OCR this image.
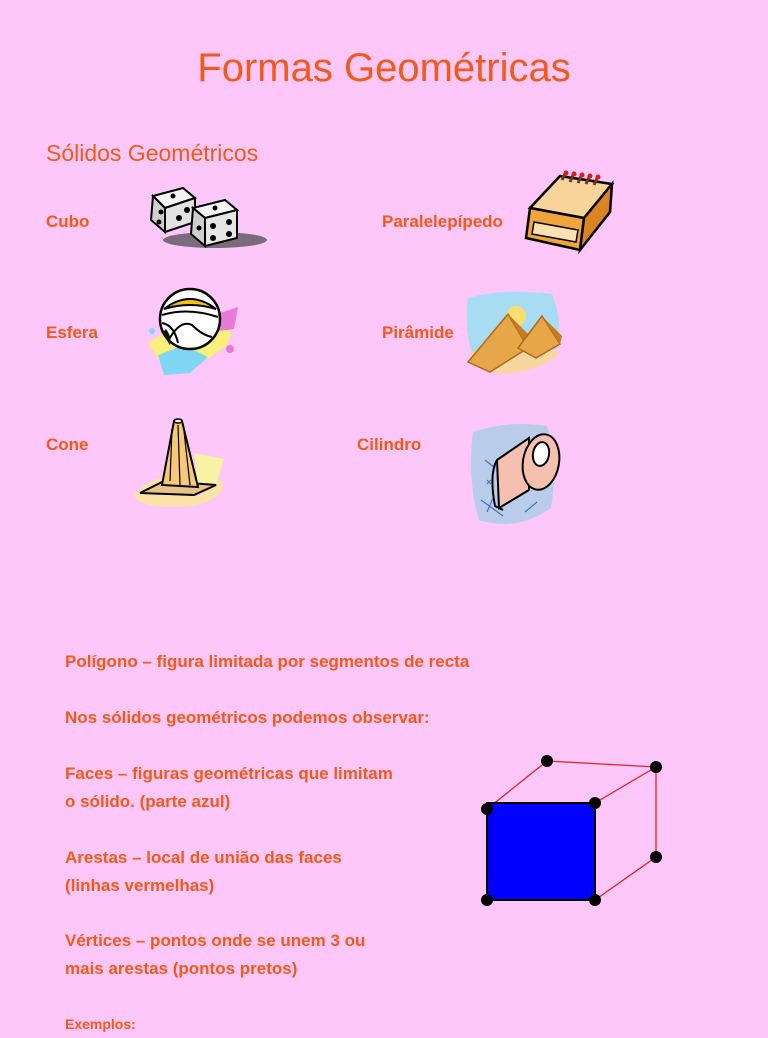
Formas Geométricas
Sólidos Geométricos
Cubo	Paralelepípedo
Esfera	Pirâmide
Cone	Cilindro
Polígono – figura limitada por segmentos de recta
Nos sólidos geométricos podemos observar:
Faces – figuras geométricas que limitam
o sólido. (parte azul)
Arestas – local de união das faces
(linhas vermelhas)
Vértices – pontos onde se unem 3 ou
mais arestas (pontos pretos)
Exemplos:
